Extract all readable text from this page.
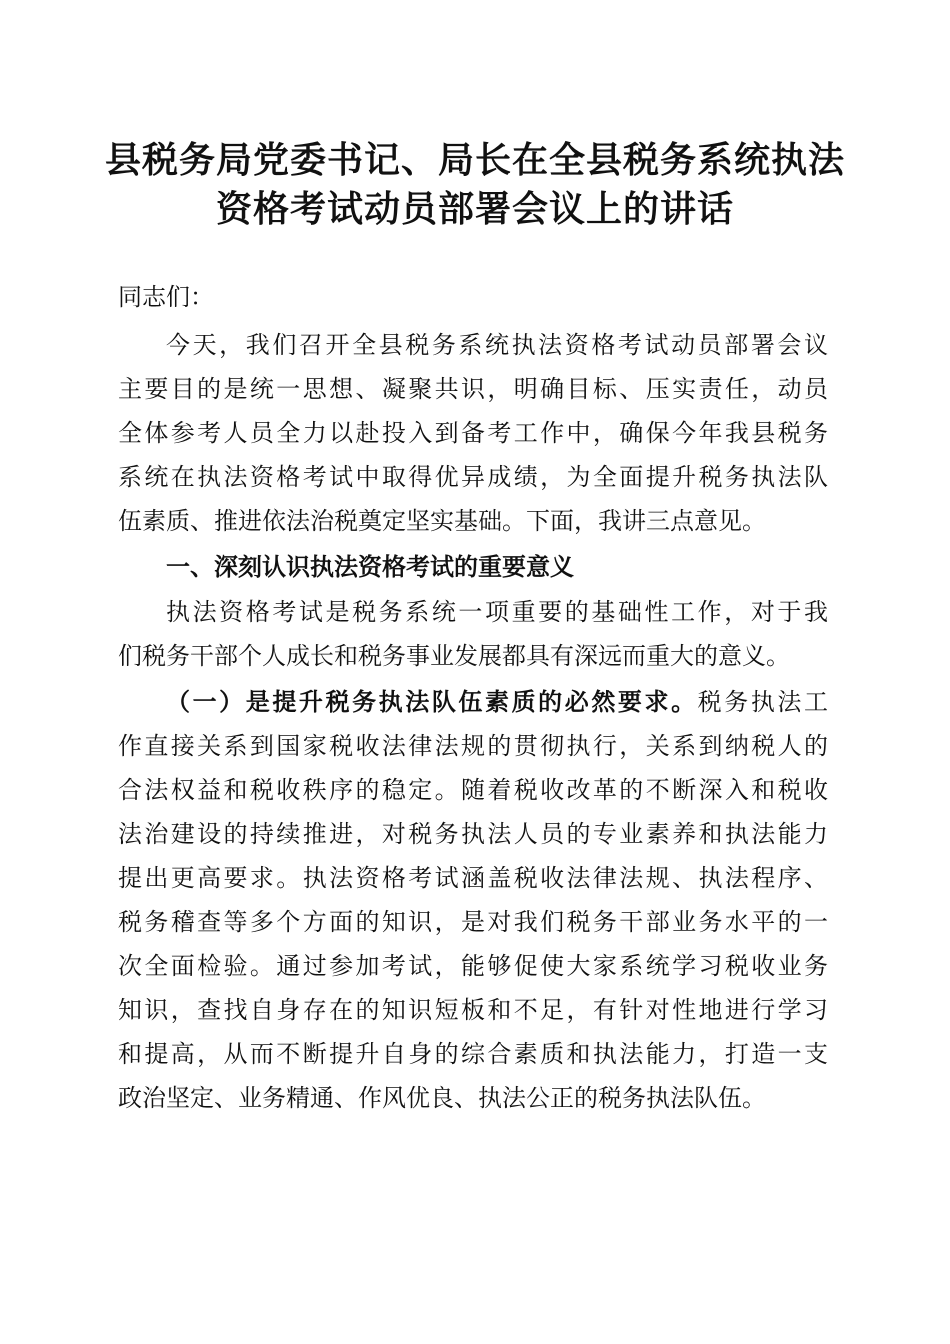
县税务局党委书记、局长在全县税务系统执法
资格考试动员部署会议上的讲话
同志们：
今天，我们召开全县税务系统执法资格考试动员部署会议
主要目的是统一思想、凝聚共识，明确目标、压实责任，动员
全体参考人员全力以赴投入到备考工作中，确保今年我县税务
系统在执法资格考试中取得优异成绩，为全面提升税务执法队
伍素质、推进依法治税奠定坚实基础。下面，我讲三点意见。
一、深刻认识执法资格考试的重要意义
执法资格考试是税务系统一项重要的基础性工作，对于我
们税务干部个人成长和税务事业发展都具有深远而重大的意义。
（一）是提升税务执法队伍素质的必然要求。税务执法工
作直接关系到国家税收法律法规的贯彻执行，关系到纳税人的
合法权益和税收秩序的稳定。随着税收改革的不断深入和税收
法治建设的持续推进，对税务执法人员的专业素养和执法能力
提出更高要求。执法资格考试涵盖税收法律法规、执法程序、
税务稽查等多个方面的知识，是对我们税务干部业务水平的一
次全面检验。通过参加考试，能够促使大家系统学习税收业务
知识，查找自身存在的知识短板和不足，有针对性地进行学习
和提高，从而不断提升自身的综合素质和执法能力，打造一支
政治坚定、业务精通、作风优良、执法公正的税务执法队伍。
